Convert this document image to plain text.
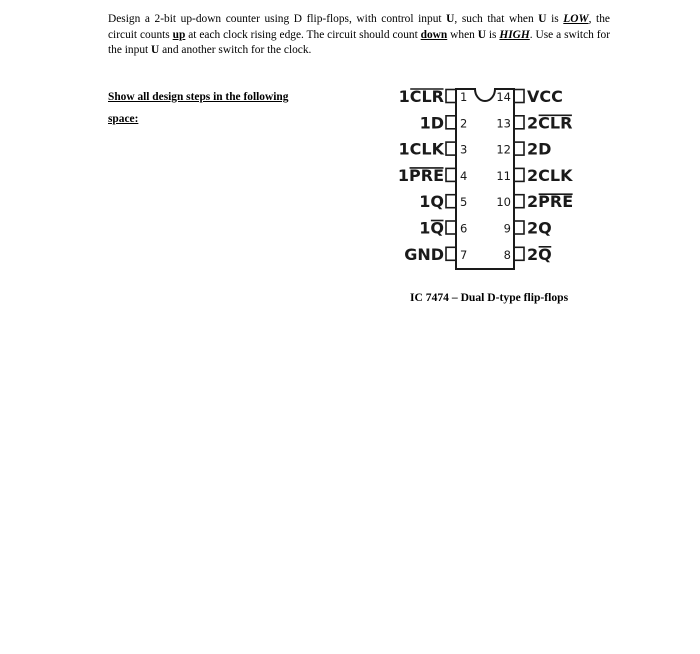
Design a 2-bit up-down counter using D flip-flops, with control input U, such that when U is LOW, the circuit counts up at each clock rising edge. The circuit should count down when U is HIGH. Use a switch for the input U and another switch for the clock.
Show all design steps in the following
space:
1CLR 1
1D 2
1CLK 3
1PRE 4
1Q 5
1Q 6
GND 7
VCC
14
2CLR
13
2D
12
2CLK
11
2PRE
10
2Q
9
2Q
8
IC 7474 – Dual D-type flip-flops
